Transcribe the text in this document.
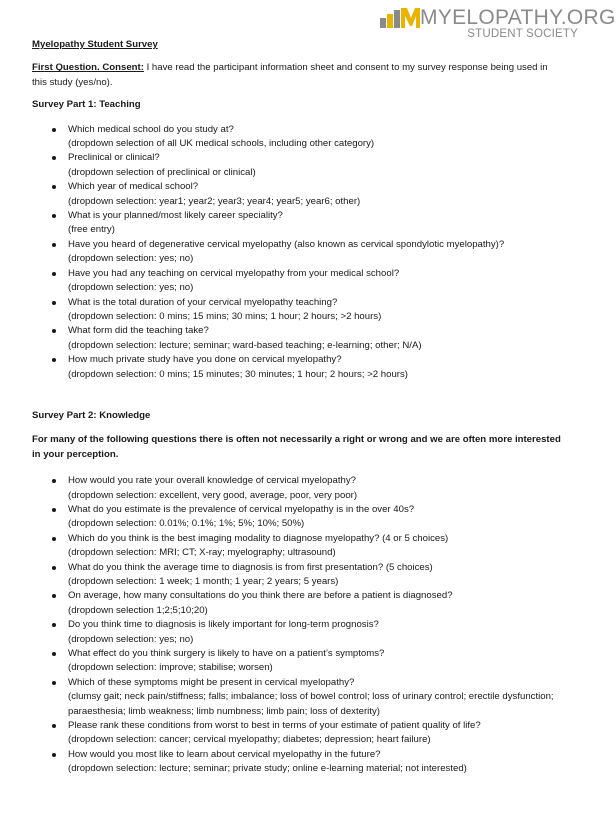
MYELOPATHY.ORG
STUDENT SOCIETY
Myelopathy Student Survey
First Question. Consent: I have read the participant information sheet and consent to my survey response being used in this study (yes/no).
Survey Part 1: Teaching
Which medical school do you study at?
(dropdown selection of all UK medical schools, including other category)
Preclinical or clinical?
(dropdown selection of preclinical or clinical)
Which year of medical school?
(dropdown selection: year1; year2; year3; year4; year5; year6; other)
What is your planned/most likely career speciality?
(free entry)
Have you heard of degenerative cervical myelopathy (also known as cervical spondylotic myelopathy)?
(dropdown selection: yes; no)
Have you had any teaching on cervical myelopathy from your medical school?
(dropdown selection: yes; no)
What is the total duration of your cervical myelopathy teaching?
(dropdown selection: 0 mins; 15 mins; 30 mins; 1 hour; 2 hours; >2 hours)
What form did the teaching take?
(dropdown selection: lecture; seminar; ward-based teaching; e-learning; other; N/A)
How much private study have you done on cervical myelopathy?
(dropdown selection: 0 mins; 15 minutes; 30 minutes; 1 hour; 2 hours; >2 hours)
Survey Part 2: Knowledge
For many of the following questions there is often not necessarily a right or wrong and we are often more interested in your perception.
How would you rate your overall knowledge of cervical myelopathy?
(dropdown selection: excellent, very good, average, poor, very poor)
What do you estimate is the prevalence of cervical myelopathy is in the over 40s?
(dropdown selection: 0.01%; 0.1%; 1%; 5%; 10%; 50%)
Which do you think is the best imaging modality to diagnose myelopathy? (4 or 5 choices)
(dropdown selection: MRI; CT; X-ray; myelography; ultrasound)
What do you think the average time to diagnosis is from first presentation? (5 choices)
(dropdown selection: 1 week; 1 month; 1 year; 2 years; 5 years)
On average, how many consultations do you think there are before a patient is diagnosed?
(dropdown selection 1;2;5;10;20)
Do you think time to diagnosis is likely important for long-term prognosis?
(dropdown selection: yes; no)
What effect do you think surgery is likely to have on a patient’s symptoms?
(dropdown selection: improve; stabilise; worsen)
Which of these symptoms might be present in cervical myelopathy?
(clumsy gait; neck pain/stiffness; falls; imbalance; loss of bowel control; loss of urinary control; erectile dysfunction; paraesthesia; limb weakness; limb numbness; limb pain; loss of dexterity)
Please rank these conditions from worst to best in terms of your estimate of patient quality of life?
(dropdown selection: cancer; cervical myelopathy; diabetes; depression; heart failure)
How would you most like to learn about cervical myelopathy in the future?
(dropdown selection: lecture; seminar; private study; online e-learning material; not interested)
